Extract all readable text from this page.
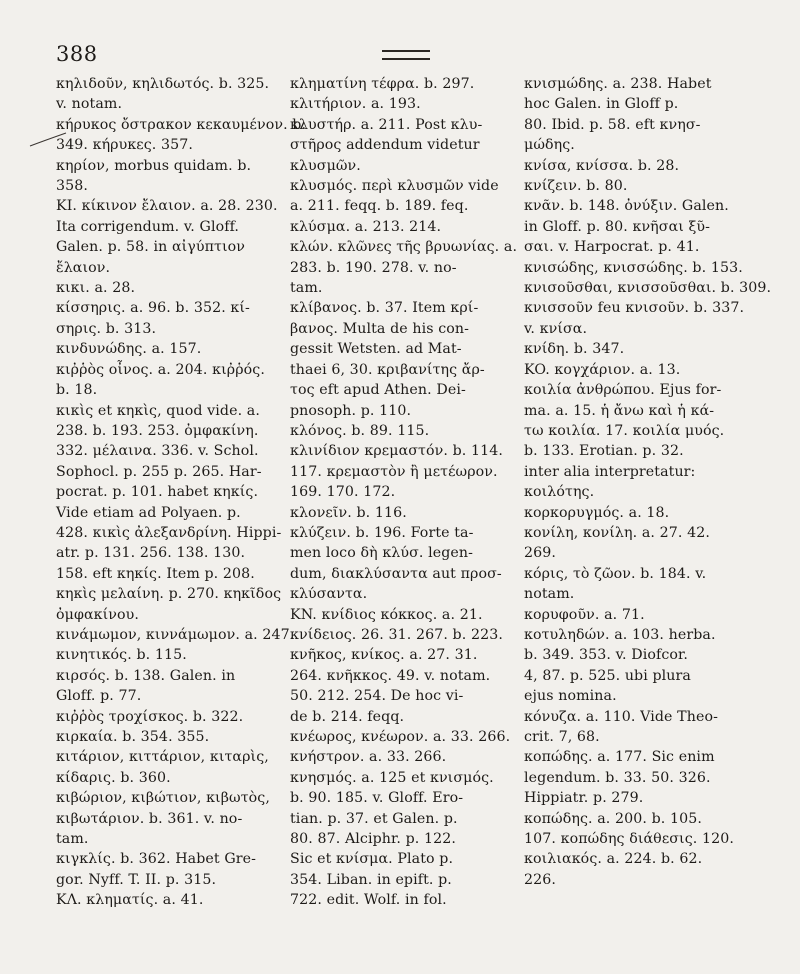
388
κηλιδοῦν, κηλιδωτός. b. 325.
v. notam.
κήρυκος ὄστρακον κεκαυμένον. b.
349. κήρυκες. 357.
κηρίον, morbus quidam. b.
358.
KI. κίκινον ἔλαιον. a. 28. 230.
Ita corrigendum. v. Gloff.
Galen. p. 58. in αἰγύπτιον
ἔλαιον.
κικι. a. 28.
κίσσηρις. a. 96. b. 352. κί-
σηρις. b. 313.
κινδυνώδης. a. 157.
κιῤῥὸς οἶνος. a. 204. κιῤῥός.
b. 18.
κικὶς et κηκὶς, quod vide. a.
238. b. 193. 253. ὀμφακίνη.
332. μέλαινα. 336. v. Schol.
Sophocl. p. 255 p. 265. Har-
pocrat. p. 101. habet κηκίς.
Vide etiam ad Polyaen. p.
428. κικὶς ἀλεξανδρίνη. Hippi-
atr. p. 131. 256. 138. 130.
158. eft κηκίς. Item p. 208.
κηκὶς μελαίνη. p. 270. κηκῖδος
ὀμφακίνου.
κινάμωμον, κιννάμωμον. a. 247.
κινητικός. b. 115.
κιρσός. b. 138. Galen. in
Gloff. p. 77.
κιῤῥὸς τροχίσκος. b. 322.
κιρκαία. b. 354. 355.
κιτάριον, κιττάριον, κιταρὶς,
κίδαρις. b. 360.
κιβώριον, κιβώτιον, κιβωτὸς,
κιβωτάριον. b. 361. v. no-
tam.
κιγκλίς. b. 362. Habet Gre-
gor. Nyff. T. II. p. 315.
ΚΛ. κληματίς. a. 41.
κληματίνη τέφρα. b. 297.
κλιτήριον. a. 193.
κλυστήρ. a. 211. Post κλυ-
στῆρος addendum videtur
κλυσμῶν.
κλυσμός. περὶ κλυσμῶν vide
a. 211. feqq. b. 189. feq.
κλύσμα. a. 213. 214.
κλών. κλῶνες τῆς βρυωνίας. a.
283. b. 190. 278. v. no-
tam.
κλίβανος. b. 37. Item κρί-
βανος. Multa de his con-
gessit Wetsten. ad Mat-
thaei 6, 30. κριβανίτης ἄρ-
τος eft apud Athen. Dei-
pnosoph. p. 110.
κλόνος. b. 89. 115.
κλινίδιον κρεμαστόν. b. 114.
117. κρεμαστὸν ἢ μετέωρον.
169. 170. 172.
κλονεῖν. b. 116.
κλύζειν. b. 196. Forte ta-
men loco δὴ κλύσ. legen-
dum, διακλύσαντα aut προσ-
κλύσαντα.
KN. κνίδιος κόκκος. a. 21.
κνίδειος. 26. 31. 267. b. 223.
κνῆκος, κνίκος. a. 27. 31.
264. κνῆκκος. 49. v. notam.
50. 212. 254. De hoc vi-
de b. 214. feqq.
κνέωρος, κνέωρον. a. 33. 266.
κνήστρον. a. 33. 266.
κνησμός. a. 125 et κνισμός.
b. 90. 185. v. Gloff. Ero-
tian. p. 37. et Galen. p.
80. 87. Alciphr. p. 122.
Sic et κνίσμα. Plato p.
354. Liban. in epift. p.
722. edit. Wolf. in fol.
κνισμώδης. a. 238. Habet
hoc Galen. in Gloff p.
80. Ibid. p. 58. eft κνησ-
μώδης.
κνίσα, κνίσσα. b. 28.
κνίζειν. b. 80.
κνᾶν. b. 148. ὀνύξιν. Galen.
in Gloff. p. 80. κνῆσαι ξῦ-
σαι. v. Harpocrat. p. 41.
κνισώδης, κνισσώδης. b. 153.
κνισοῦσθαι, κνισσοῦσθαι. b. 309.
κνισσοῦν feu κνισοῦν. b. 337.
v. κνίσα.
κνίδη. b. 347.
KO. κογχάριον. a. 13.
κοιλία ἀνθρώπου. Ejus for-
ma. a. 15. ἡ ἄνω καὶ ἡ κά-
τω κοιλία. 17. κοιλία μυός.
b. 133. Erotian. p. 32.
inter alia interpretatur:
κοιλότης.
κορκορυγμός. a. 18.
κονίλη, κονίλη. a. 27. 42.
269.
κόρις, τὸ ζῶον. b. 184. v.
notam.
κορυφοῦν. a. 71.
κοτυληδών. a. 103. herba.
b. 349. 353. v. Diofcor.
4, 87. p. 525. ubi plura
ejus nomina.
κόνυζα. a. 110. Vide Theo-
crit. 7, 68.
κοπώδης. a. 177. Sic enim
legendum. b. 33. 50. 326.
Hippiatr. p. 279.
κοπώδης. a. 200. b. 105.
107. κοπώδης διάθεσις. 120.
κοιλιακός. a. 224. b. 62.
226.
